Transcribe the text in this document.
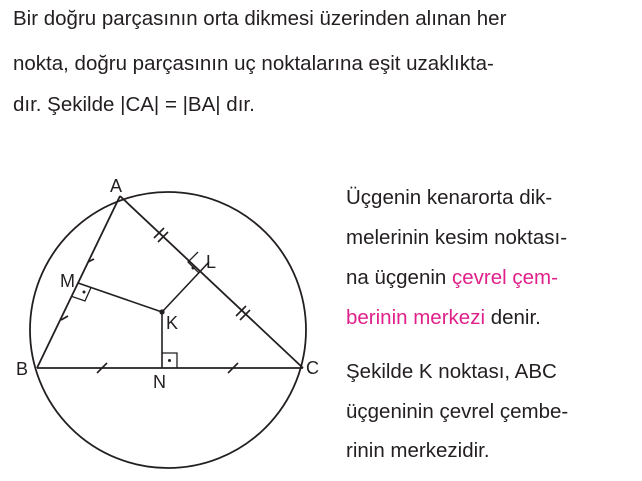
Bir doğru parçasının orta dikmesi üzerinden alınan her

nokta, doğru parçasının uç noktalarına eşit uzaklıkta-

dır. Şekilde |CA| = |BA| dır.

A
B	C
K
L
M
N

Üçgenin kenarorta dik-

melerinin kesim noktası-

na üçgenin çevrel çem-

berinin merkezi denir.

Şekilde K noktası, ABC

üçgeninin çevrel çembe-

rinin merkezidir.
